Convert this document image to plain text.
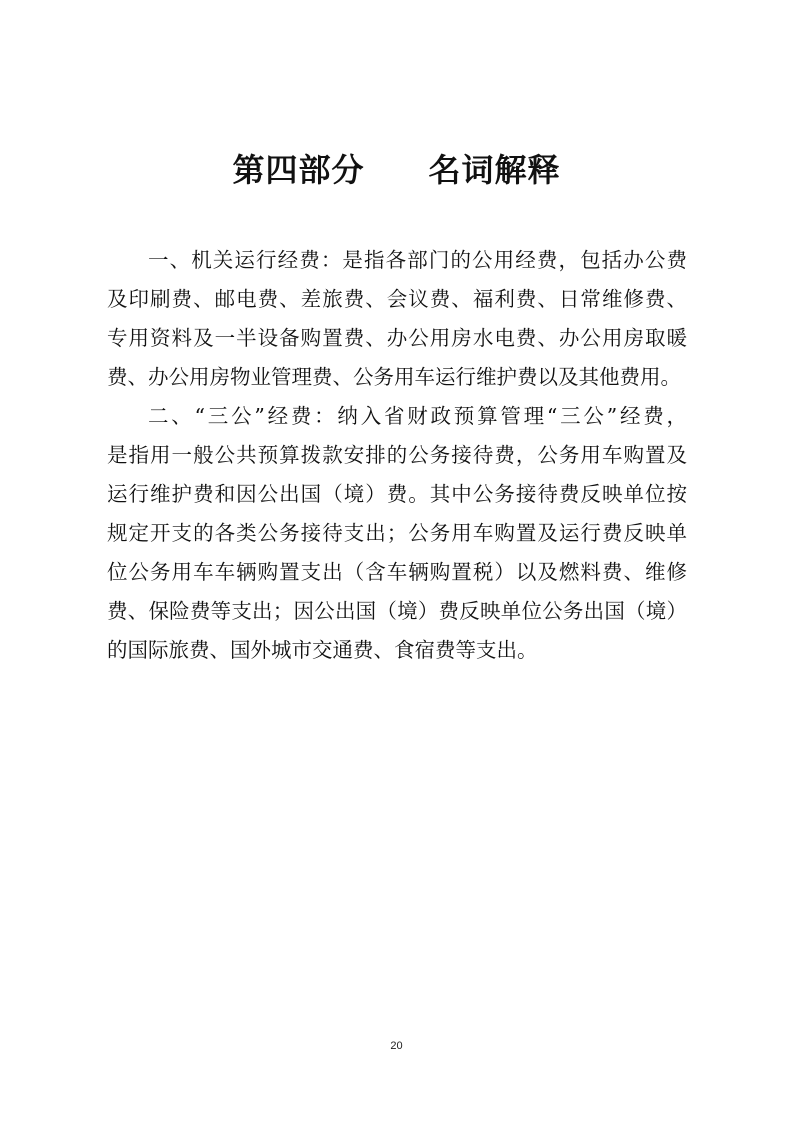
第四部分 名词解释
一、机关运行经费：是指各部门的公用经费，包括办公费
及印刷费、邮电费、差旅费、会议费、福利费、日常维修费、
专用资料及一半设备购置费、办公用房水电费、办公用房取暖
费、办公用房物业管理费、公务用车运行维护费以及其他费用。
二、“三公”经费：纳入省财政预算管理“三公”经费，
是指用一般公共预算拨款安排的公务接待费，公务用车购置及
运行维护费和因公出国（境）费。其中公务接待费反映单位按
规定开支的各类公务接待支出；公务用车购置及运行费反映单
位公务用车车辆购置支出（含车辆购置税）以及燃料费、维修
费、保险费等支出；因公出国（境）费反映单位公务出国（境）
的国际旅费、国外城市交通费、食宿费等支出。
20
